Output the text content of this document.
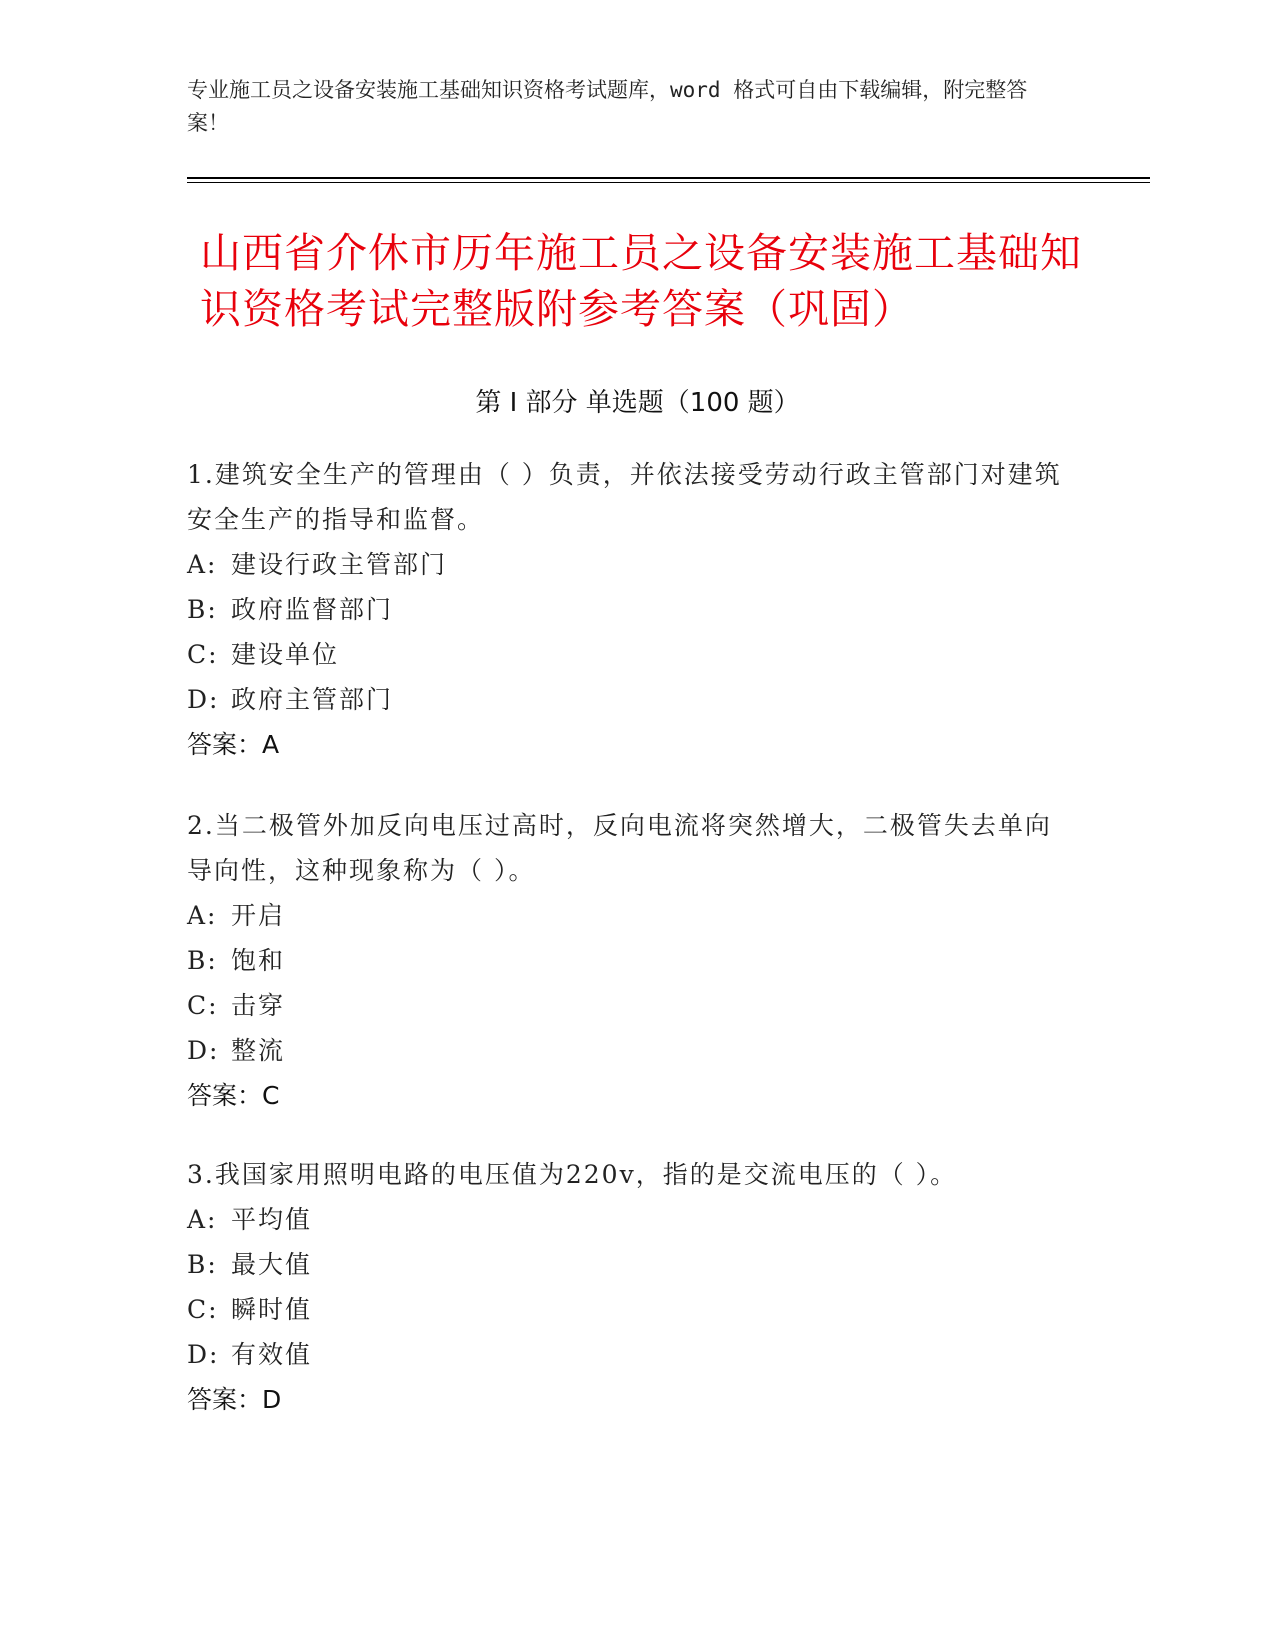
专业施工员之设备安装施工基础知识资格考试题库，word 格式可自由下载编辑，附完整答案！
山西省介休市历年施工员之设备安装施工基础知识资格考试完整版附参考答案（巩固）
第 I 部分 单选题（100 题）

1.建筑安全生产的管理由（ ）负责，并依法接受劳动行政主管部门对建筑安全生产的指导和监督。

A: 建设行政主管部门

B: 政府监督部门

C: 建设单位

D: 政府主管部门

答案：A

2.当二极管外加反向电压过高时，反向电流将突然增大，二极管失去单向导向性，这种现象称为（ ）。

A: 开启

B: 饱和

C: 击穿

D: 整流

答案：C

3.我国家用照明电路的电压值为220v，指的是交流电压的（ ）。

A: 平均值

B: 最大值

C: 瞬时值

D: 有效值

答案：D
